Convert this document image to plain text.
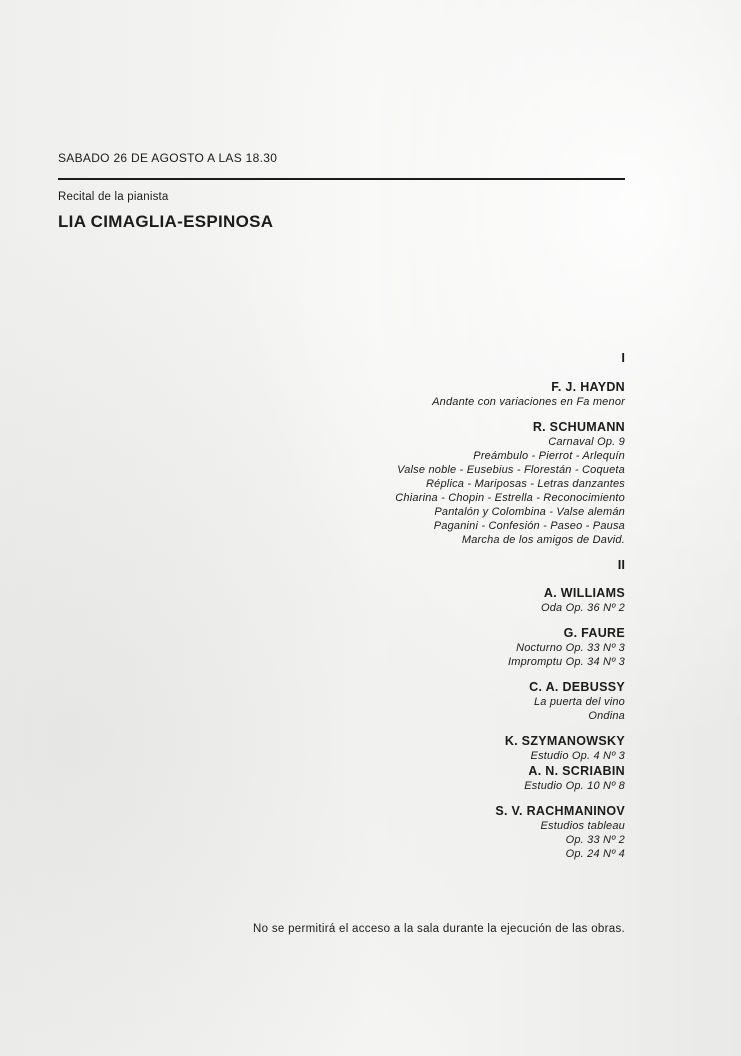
SABADO 26 DE AGOSTO A LAS 18.30
Recital de la pianista
LIA CIMAGLIA-ESPINOSA
I
F. J. HAYDN
Andante con variaciones en Fa menor
R. SCHUMANN
Carnaval Op. 9
Preámbulo - Pierrot - Arlequín
Valse noble - Eusebius - Florestán - Coqueta
Réplica - Mariposas - Letras danzantes
Chiarina - Chopin - Estrella - Reconocimiento
Pantalón y Colombina - Valse alemán
Paganini - Confesión - Paseo - Pausa
Marcha de los amigos de David.
II
A. WILLIAMS
Oda Op. 36 Nº 2
G. FAURE
Nocturno Op. 33 Nº 3
Impromptu Op. 34 Nº 3
C. A. DEBUSSY
La puerta del vino
Ondina
K. SZYMANOWSKY
Estudio Op. 4 Nº 3
A. N. SCRIABIN
Estudio Op. 10 Nº 8
S. V. RACHMANINOV
Estudios tableau
Op. 33 Nº 2
Op. 24 Nº 4
No se permitirá el acceso a la sala durante la ejecución de las obras.
